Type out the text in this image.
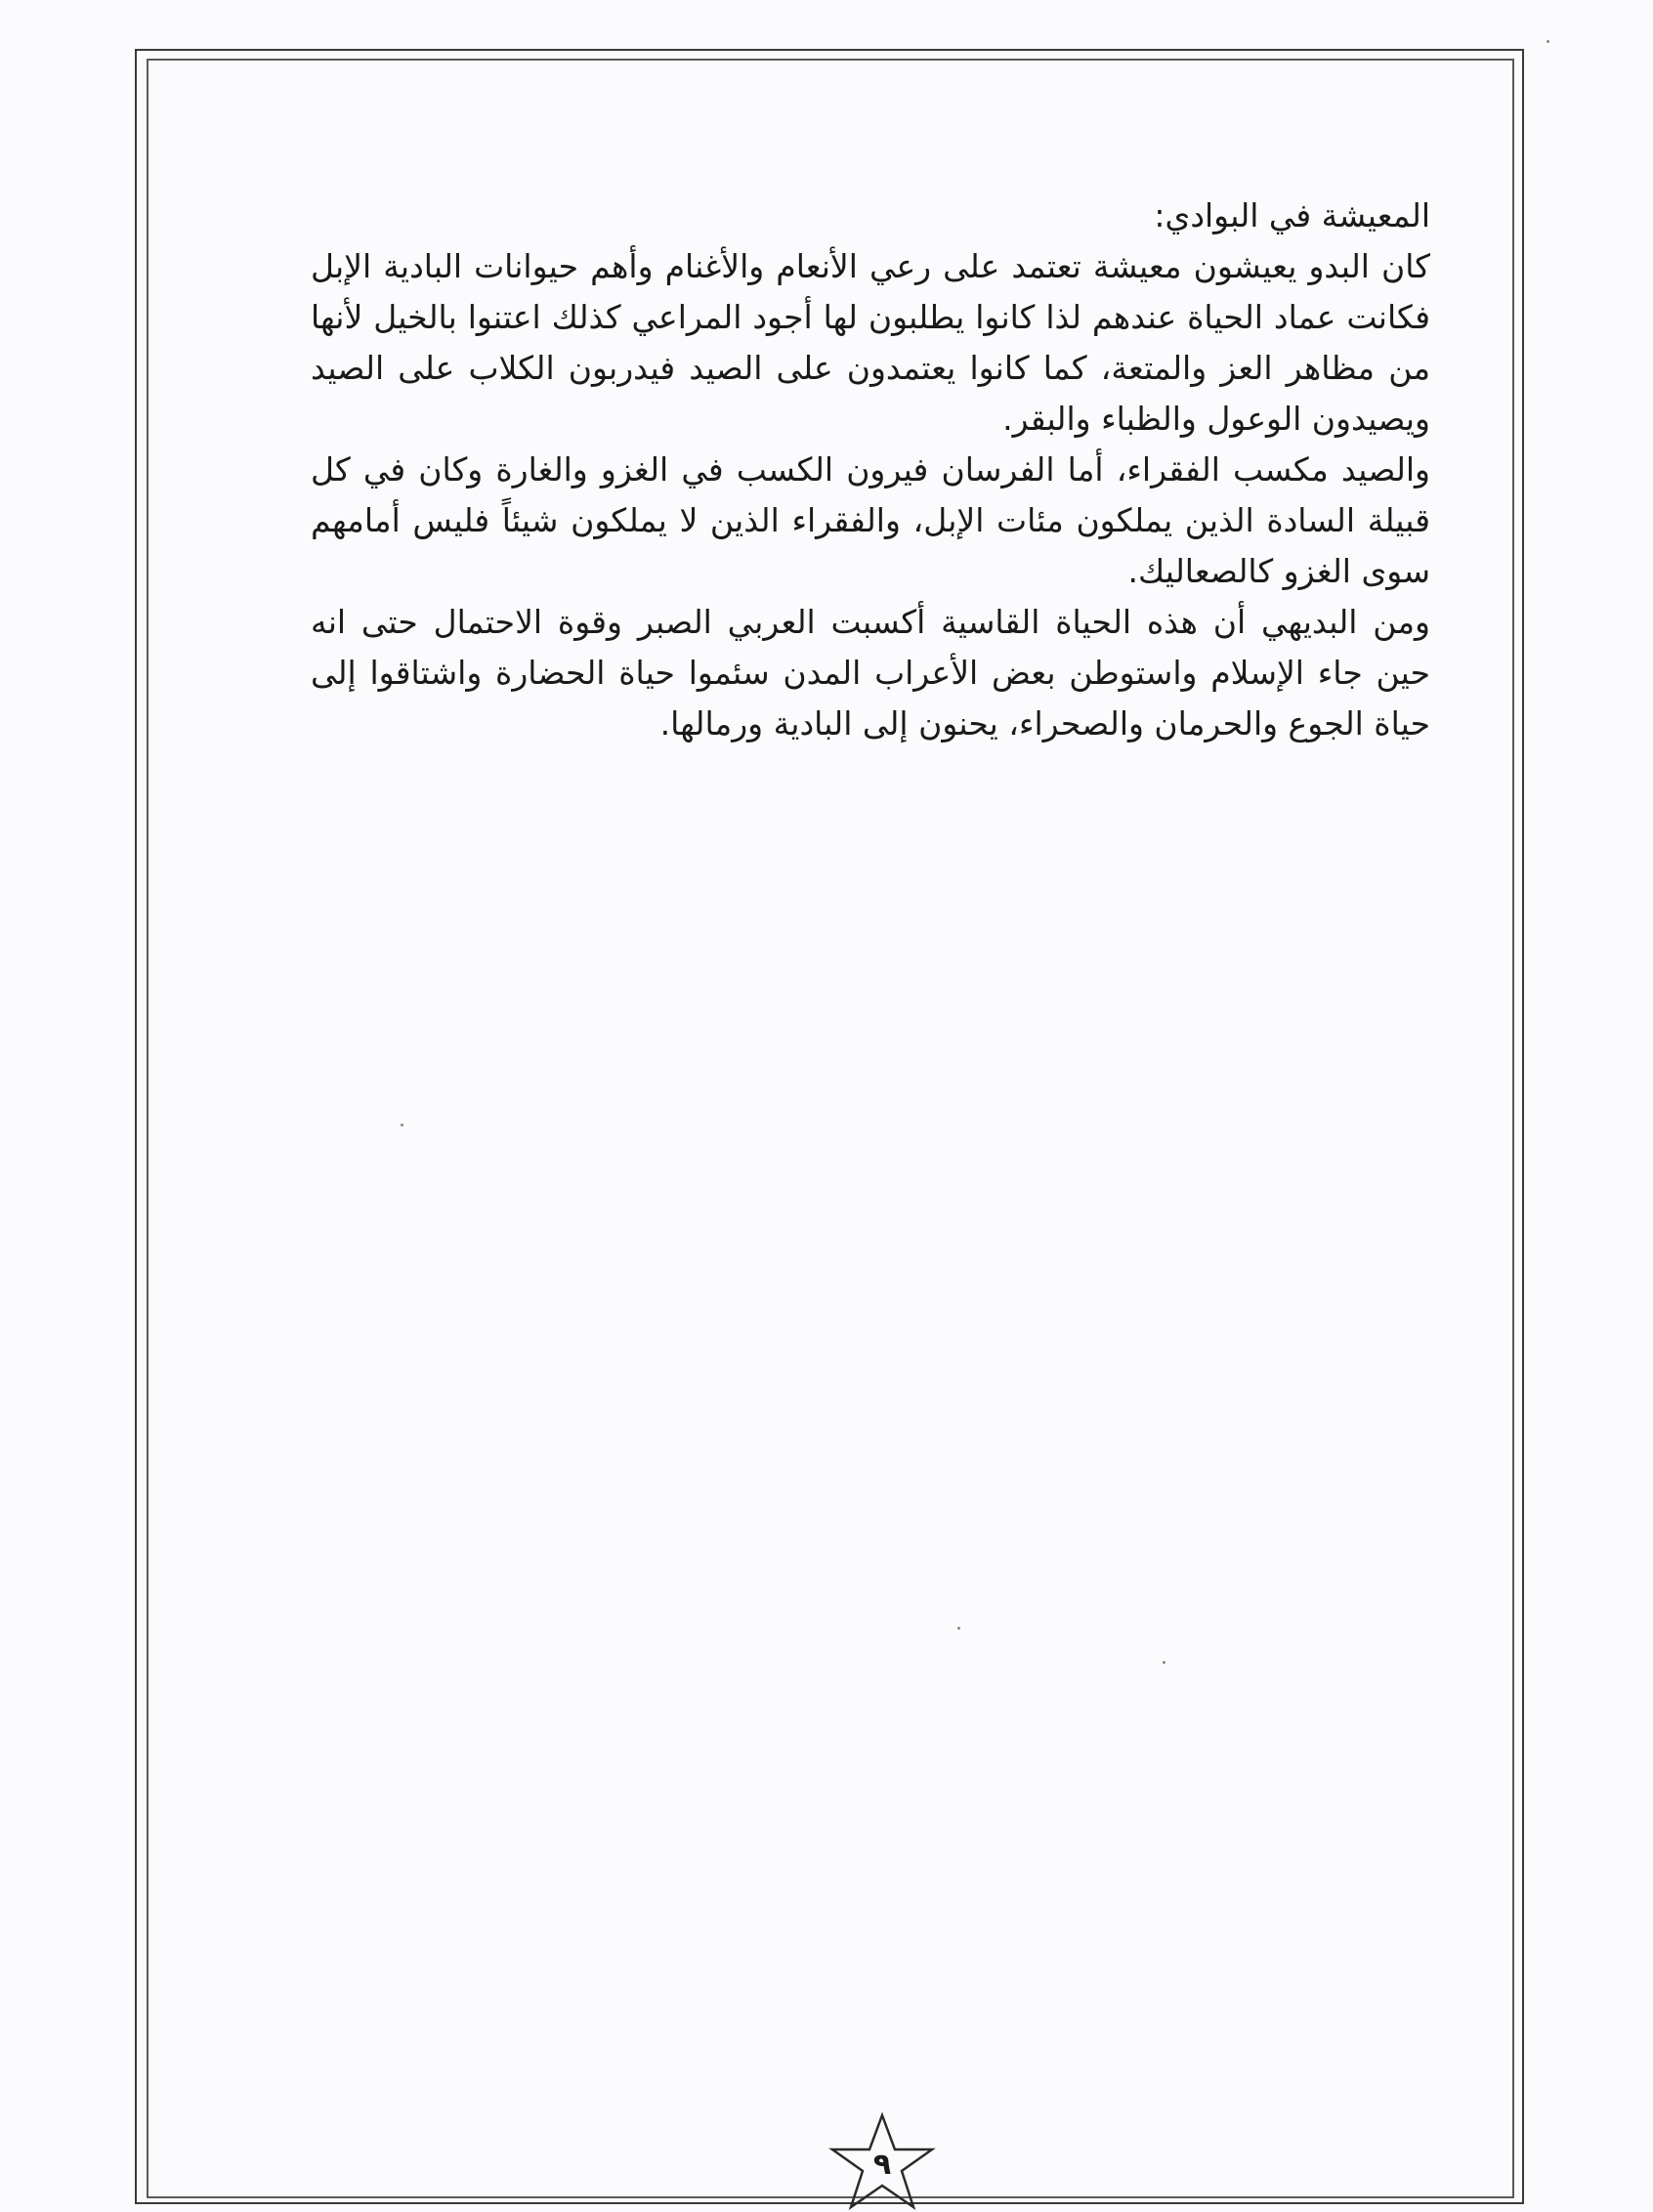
المعيشة في البوادي:
كان البدو يعيشون معيشة تعتمد على رعي الأنعام والأغنام وأهم حيوانات البادية الإبل فكانت عماد الحياة عندهم لذا كانوا يطلبون لها أجود المراعي كذلك اعتنوا بالخيل لأنها من مظاهر العز والمتعة، كما كانوا يعتمدون على الصيد فيدربون الكلاب على الصيد ويصيدون الوعول والظباء والبقر.
والصيد مكسب الفقراء، أما الفرسان فيرون الكسب في الغزو والغارة وكان في كل قبيلة السادة الذين يملكون مئات الإبل، والفقراء الذين لا يملكون شيئاً فليس أمامهم سوى الغزو كالصعاليك.
ومن البديهي أن هذه الحياة القاسية أكسبت العربي الصبر وقوة الاحتمال حتى انه حين جاء الإسلام واستوطن بعض الأعراب المدن سئموا حياة الحضارة واشتاقوا إلى حياة الجوع والحرمان والصحراء، يحنون إلى البادية ورمالها.
٩
